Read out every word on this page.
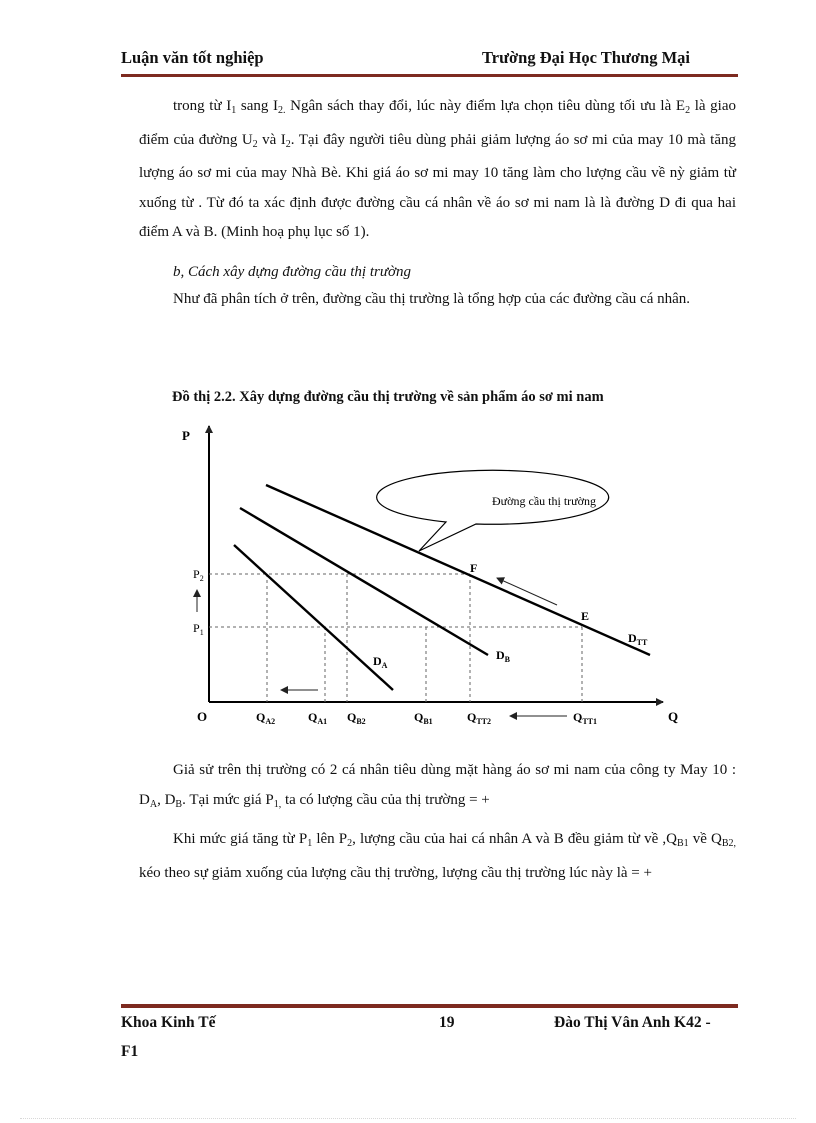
Luận văn tốt nghiệp	Trường Đại Học Thương Mại
trong từ $I_1$ sang $I_{2.}$ Ngân sách thay đổi, lúc này điểm lựa chọn tiêu dùng tối ưu là $E_2$ là giao điểm của đường $U_2$ và $I_2$. Tại đây người tiêu dùng phải giảm lượng áo sơ mi của may 10 mà tăng lượng áo sơ mi của may Nhà Bè. Khi giá áo sơ mi may 10 tăng làm cho lượng cầu về nỳ giảm từ xuống từ . Từ đó ta xác định được đường cầu cá nhân về áo sơ mi nam là là đường D đi qua hai điểm A và B. (Minh hoạ phụ lục số 1).
b, Cách xây dựng đường cầu thị trường
Như đã phân tích ở trên, đường cầu thị trường là tổng hợp của các đường cầu cá nhân.
Đồ thị 2.2. Xây dựng đường cầu thị trường về sản phẩm áo sơ mi nam
P
Q
O
$P_2$
$P_1$
$D_A$
$D_B$
$D_{TT}$
F
E
$Q_{A2}$	$Q_{A1}$ $Q_{B2}$	$Q_{B1}$	$Q_{TT2}$	$Q_{TT1}$
Đường cầu thị trường
Giả sử trên thị trường có 2 cá nhân tiêu dùng mặt hàng áo sơ mi nam của công ty May 10 : $D_A$, $D_B$. Tại mức giá $P_{1,}$ ta có lượng cầu của thị trường = +
Khi mức giá tăng từ $P_1$ lên $P_2$, lượng cầu của hai cá nhân A và B đều giảm từ về $,Q_{B1}$ về $Q_{B2,}$ kéo theo sự giảm xuống của lượng cầu thị trường, lượng cầu thị trường lúc này là = +
Khoa Kinh Tế	19	Đào Thị Vân Anh K42 -
F1
